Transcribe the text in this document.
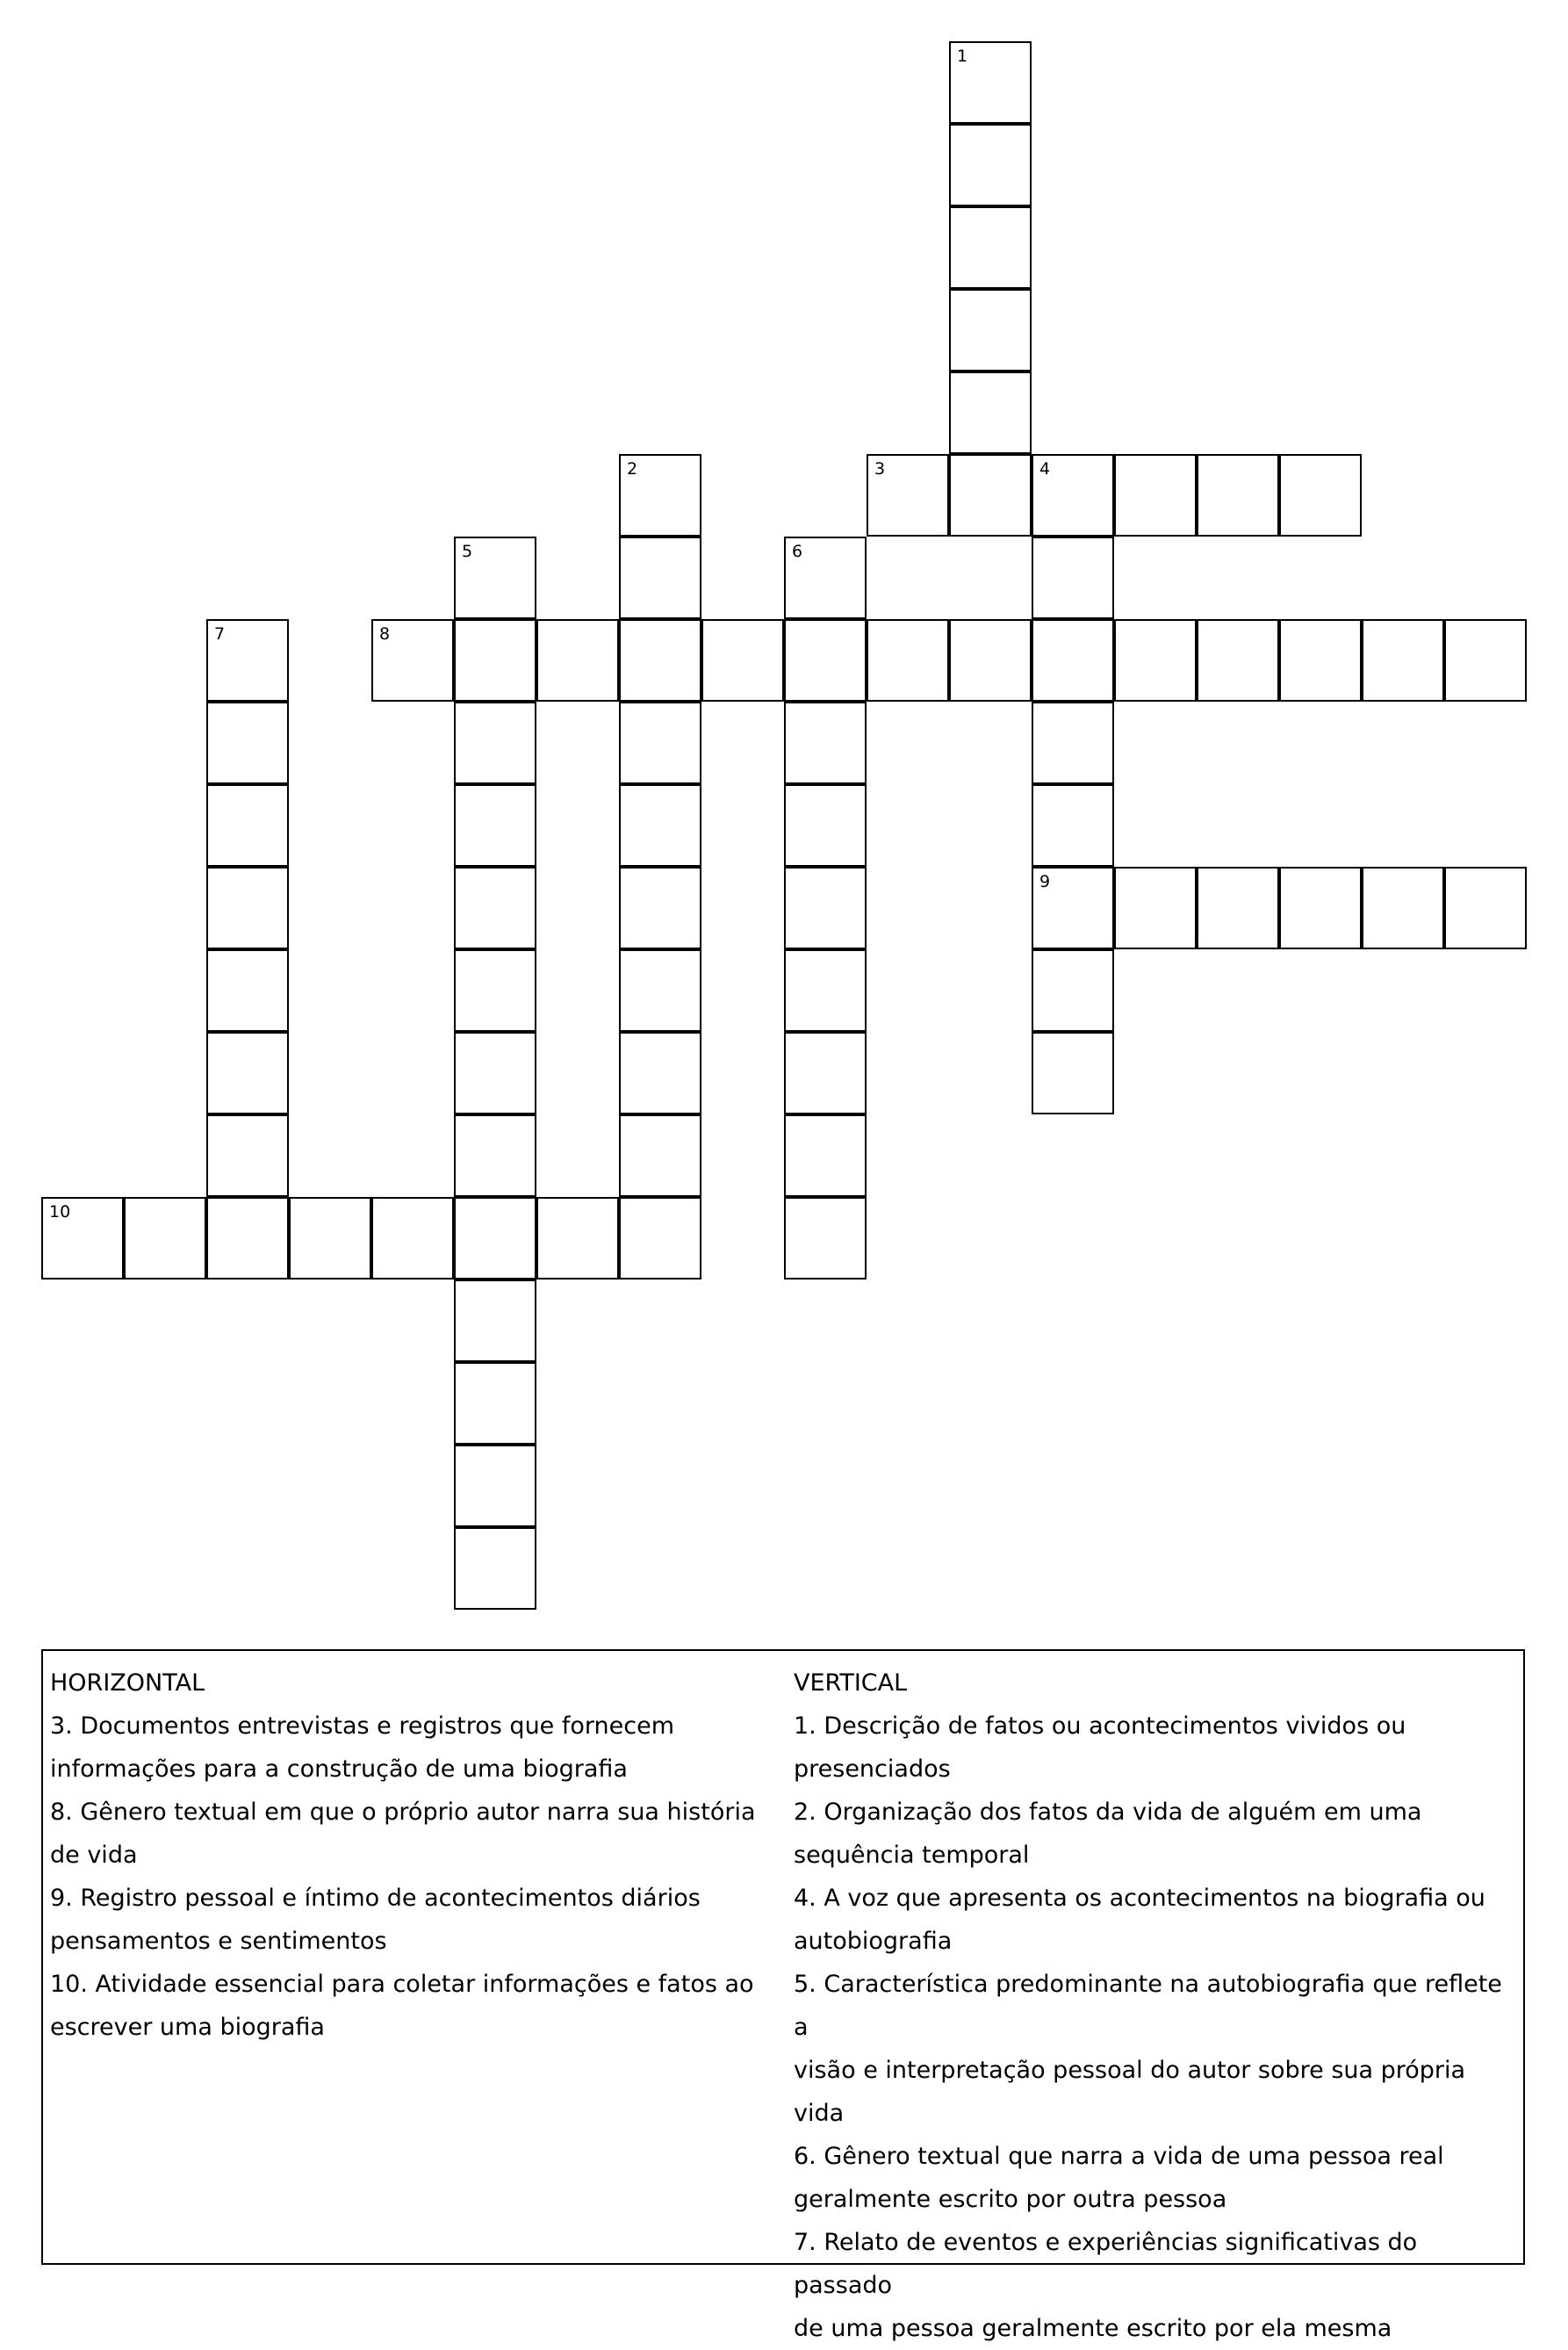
1
2	3	4
9
5	6
7	8
10
HORIZONTAL
3. Documentos entrevistas e registros que fornecem
informações para a construção de uma biografia
8. Gênero textual em que o próprio autor narra sua história
de vida
9. Registro pessoal e íntimo de acontecimentos diários
pensamentos e sentimentos
10. Atividade essencial para coletar informações e fatos ao
escrever uma biografia
VERTICAL
1. Descrição de fatos ou acontecimentos vividos ou
presenciados
2. Organização dos fatos da vida de alguém em uma
sequência temporal
4. A voz que apresenta os acontecimentos na biografia ou
autobiografia
5. Característica predominante na autobiografia que reflete a
visão e interpretação pessoal do autor sobre sua própria vida
6. Gênero textual que narra a vida de uma pessoa real
geralmente escrito por outra pessoa
7. Relato de eventos e experiências significativas do passado
de uma pessoa geralmente escrito por ela mesma
